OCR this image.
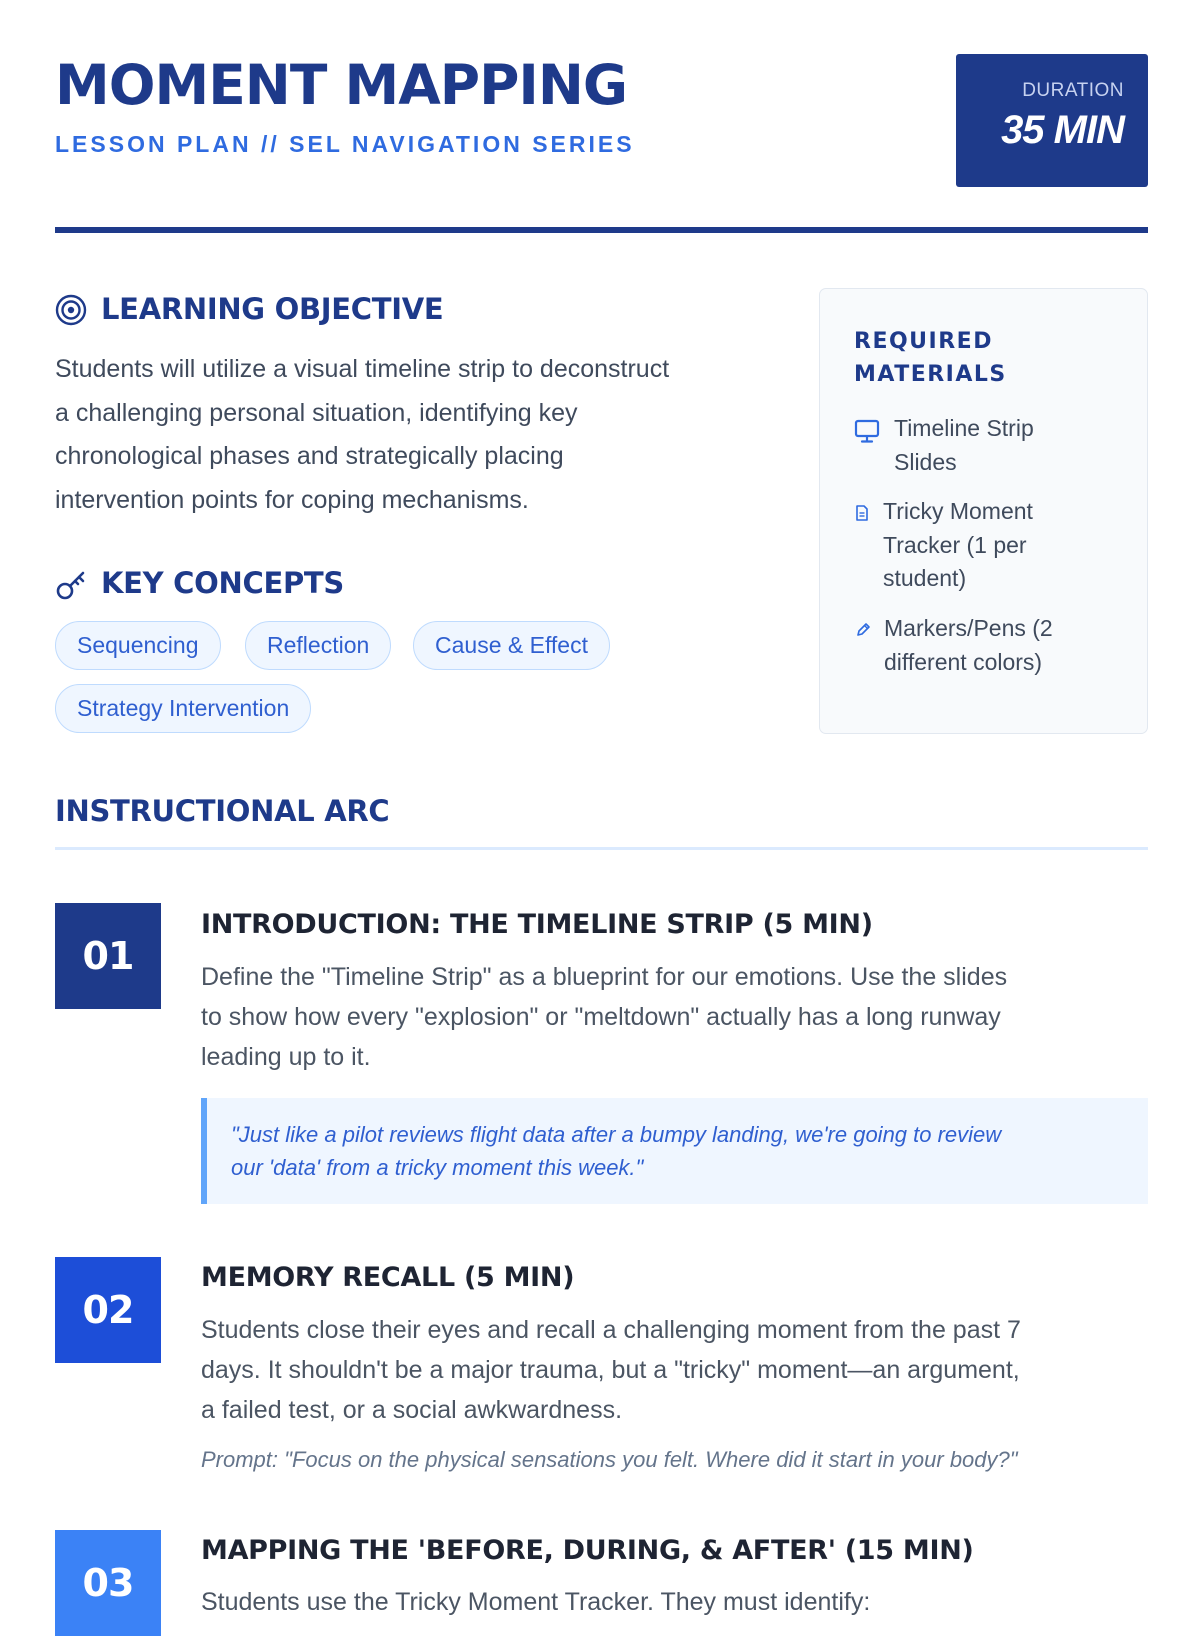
MOMENT MAPPING
LESSON PLAN // SEL NAVIGATION SERIES
DURATION
35 MIN
LEARNING OBJECTIVE
Students will utilize a visual timeline strip to deconstruct
a challenging personal situation, identifying key
chronological phases and strategically placing
intervention points for coping mechanisms.
KEY CONCEPTS
Sequencing	Reflection	Cause & Effect
Strategy Intervention
REQUIRED
MATERIALS
Timeline Strip
Slides
Tricky Moment
Tracker (1 per
student)
Markers/Pens (2
different colors)
INSTRUCTIONAL ARC
01
INTRODUCTION: THE TIMELINE STRIP (5 MIN)
Define the "Timeline Strip" as a blueprint for our emotions. Use the slides
to show how every "explosion" or "meltdown" actually has a long runway
leading up to it.
"Just like a pilot reviews flight data after a bumpy landing, we're going to review
our 'data' from a tricky moment this week."
02
MEMORY RECALL (5 MIN)
Students close their eyes and recall a challenging moment from the past 7
days. It shouldn't be a major trauma, but a "tricky" moment—an argument,
a failed test, or a social awkwardness.
Prompt: "Focus on the physical sensations you felt. Where did it start in your body?"
03
MAPPING THE 'BEFORE, DURING, & AFTER' (15 MIN)
Students use the Tricky Moment Tracker. They must identify:
